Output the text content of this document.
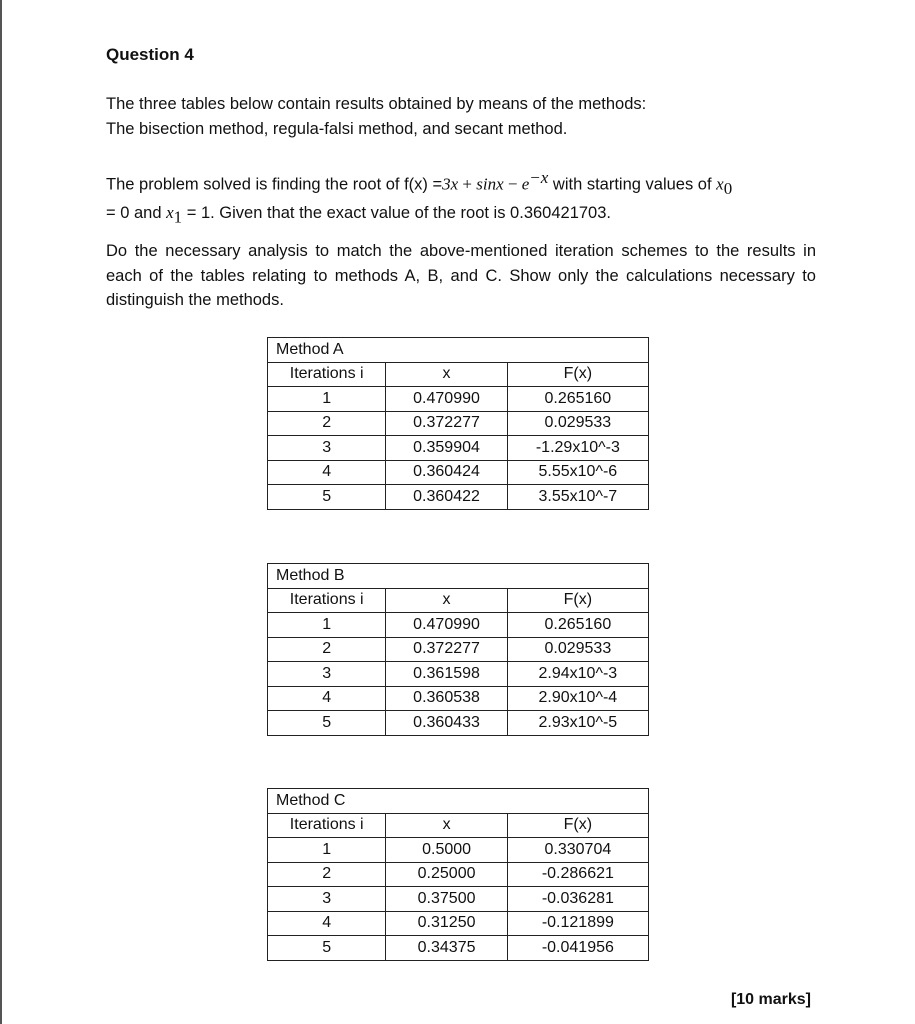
Question 4
The three tables below contain results obtained by means of the methods:
The bisection method, regula-falsi method, and secant method.
The problem solved is finding the root of $f(x) =3x + \sin x - e^{-x}$ with starting values of $x_0$
= 0 and $x_1 = 1$. Given that the exact value of the root is 0.360421703.
Do the necessary analysis to match the above-mentioned iteration schemes to the results in each of the tables relating to methods A, B, and C. Show only the calculations necessary to distinguish the methods.
Method A		
Iterations i	x	F(x)
1	0.470990	0.265160
2	0.372277	0.029533
3	0.359904	-1.29x10^-3
4	0.360424	5.55x10^-6
5	0.360422	3.55x10^-7
Method B		
Iterations i	x	F(x)
1	0.470990	0.265160
2	0.372277	0.029533
3	0.361598	2.94x10^-3
4	0.360538	2.90x10^-4
5	0.360433	2.93x10^-5
Method C		
Iterations i	x	F(x)
1	0.5000	0.330704
2	0.25000	-0.286621
3	0.37500	-0.036281
4	0.31250	-0.121899
5	0.34375	-0.041956
[10 marks]
